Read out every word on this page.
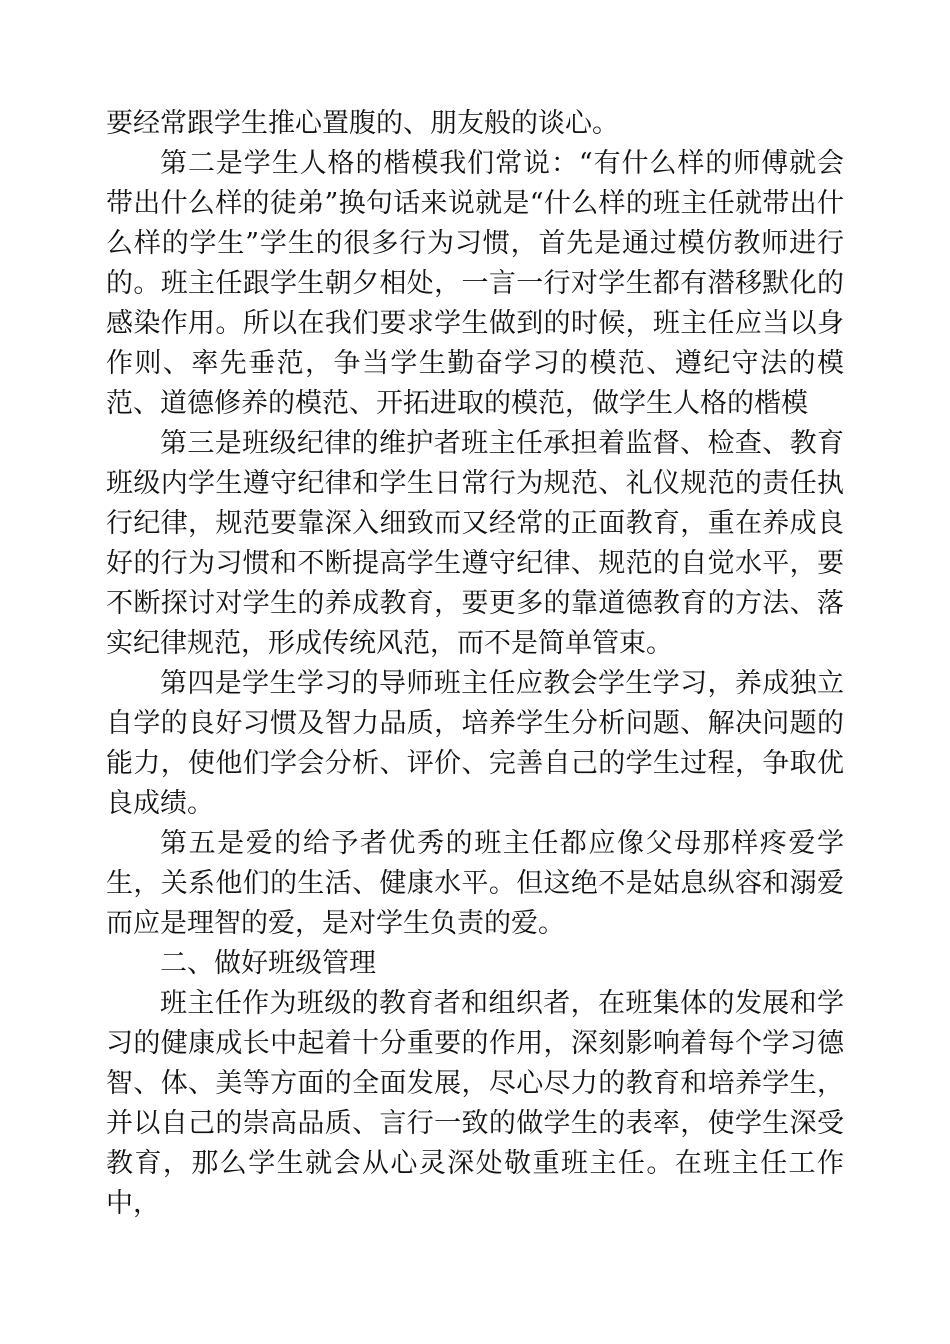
要经常跟学生推心置腹的、朋友般的谈心。

第二是学生人格的楷模我们常说：“有什么样的师傅就会带出什么样的徒弟”换句话来说就是“什么样的班主任就带出什么样的学生”学生的很多行为习惯，首先是通过模仿教师进行的。班主任跟学生朝夕相处，一言一行对学生都有潜移默化的感染作用。所以在我们要求学生做到的时候，班主任应当以身作则、率先垂范，争当学生勤奋学习的模范、遵纪守法的模范、道德修养的模范、开拓进取的模范，做学生人格的楷模

第三是班级纪律的维护者班主任承担着监督、检查、教育班级内学生遵守纪律和学生日常行为规范、礼仪规范的责任执行纪律，规范要靠深入细致而又经常的正面教育，重在养成良好的行为习惯和不断提高学生遵守纪律、规范的自觉水平，要不断探讨对学生的养成教育，要更多的靠道德教育的方法、落实纪律规范，形成传统风范，而不是简单管束。

第四是学生学习的导师班主任应教会学生学习，养成独立自学的良好习惯及智力品质，培养学生分析问题、解决问题的能力，使他们学会分析、评价、完善自己的学生过程，争取优良成绩。

第五是爱的给予者优秀的班主任都应像父母那样疼爱学生，关系他们的生活、健康水平。但这绝不是姑息纵容和溺爱而应是理智的爱，是对学生负责的爱。

二、做好班级管理

班主任作为班级的教育者和组织者，在班集体的发展和学习的健康成长中起着十分重要的作用，深刻影响着每个学习德智、体、美等方面的全面发展，尽心尽力的教育和培养学生，并以自己的崇高品质、言行一致的做学生的表率，使学生深受教育，那么学生就会从心灵深处敬重班主任。在班主任工作中，
